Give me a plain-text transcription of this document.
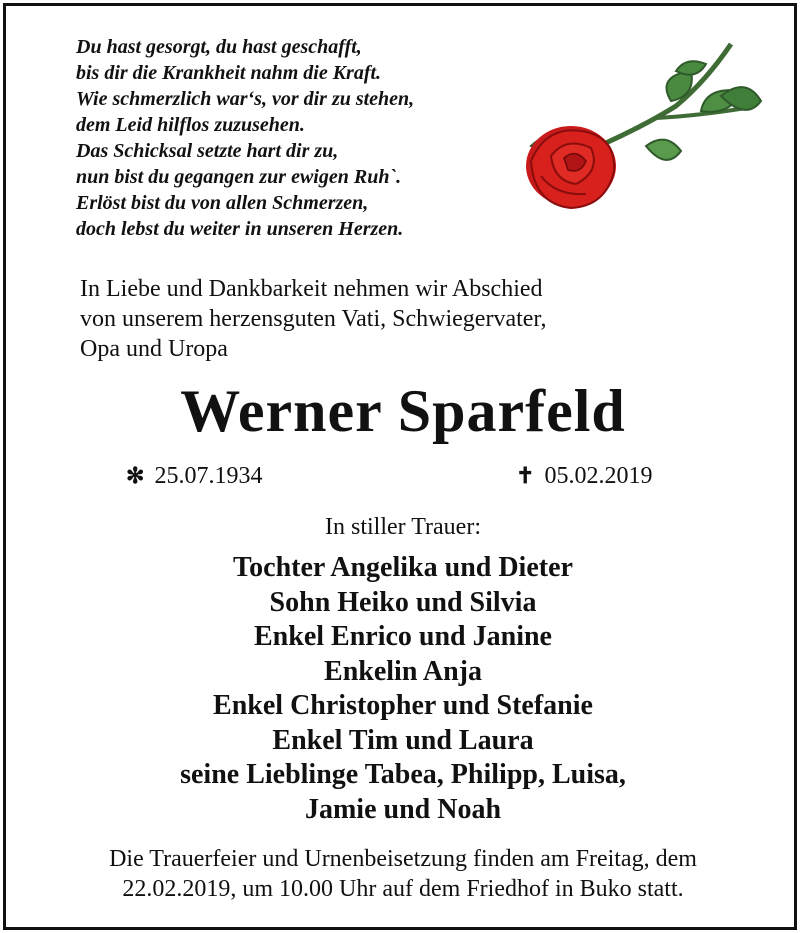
Du hast gesorgt, du hast geschafft,
bis dir die Krankheit nahm die Kraft.
Wie schmerzlich war‘s, vor dir zu stehen,
dem Leid hilflos zuzusehen.
Das Schicksal setzte hart dir zu,
nun bist du gegangen zur ewigen Ruh`.
Erlöst bist du von allen Schmerzen,
doch lebst du weiter in unseren Herzen.
In Liebe und Dankbarkeit nehmen wir Abschied
von unserem herzensguten Vati, Schwiegervater,
Opa und Uropa
Werner Sparfeld
✻ 25.07.1934	✝ 05.02.2019
In stiller Trauer:
Tochter Angelika und Dieter
Sohn Heiko und Silvia
Enkel Enrico und Janine
Enkelin Anja
Enkel Christopher und Stefanie
Enkel Tim und Laura
seine Lieblinge Tabea, Philipp, Luisa,
Jamie und Noah
Die Trauerfeier und Urnenbeisetzung finden am Freitag, dem
22.02.2019, um 10.00 Uhr auf dem Friedhof in Buko statt.
